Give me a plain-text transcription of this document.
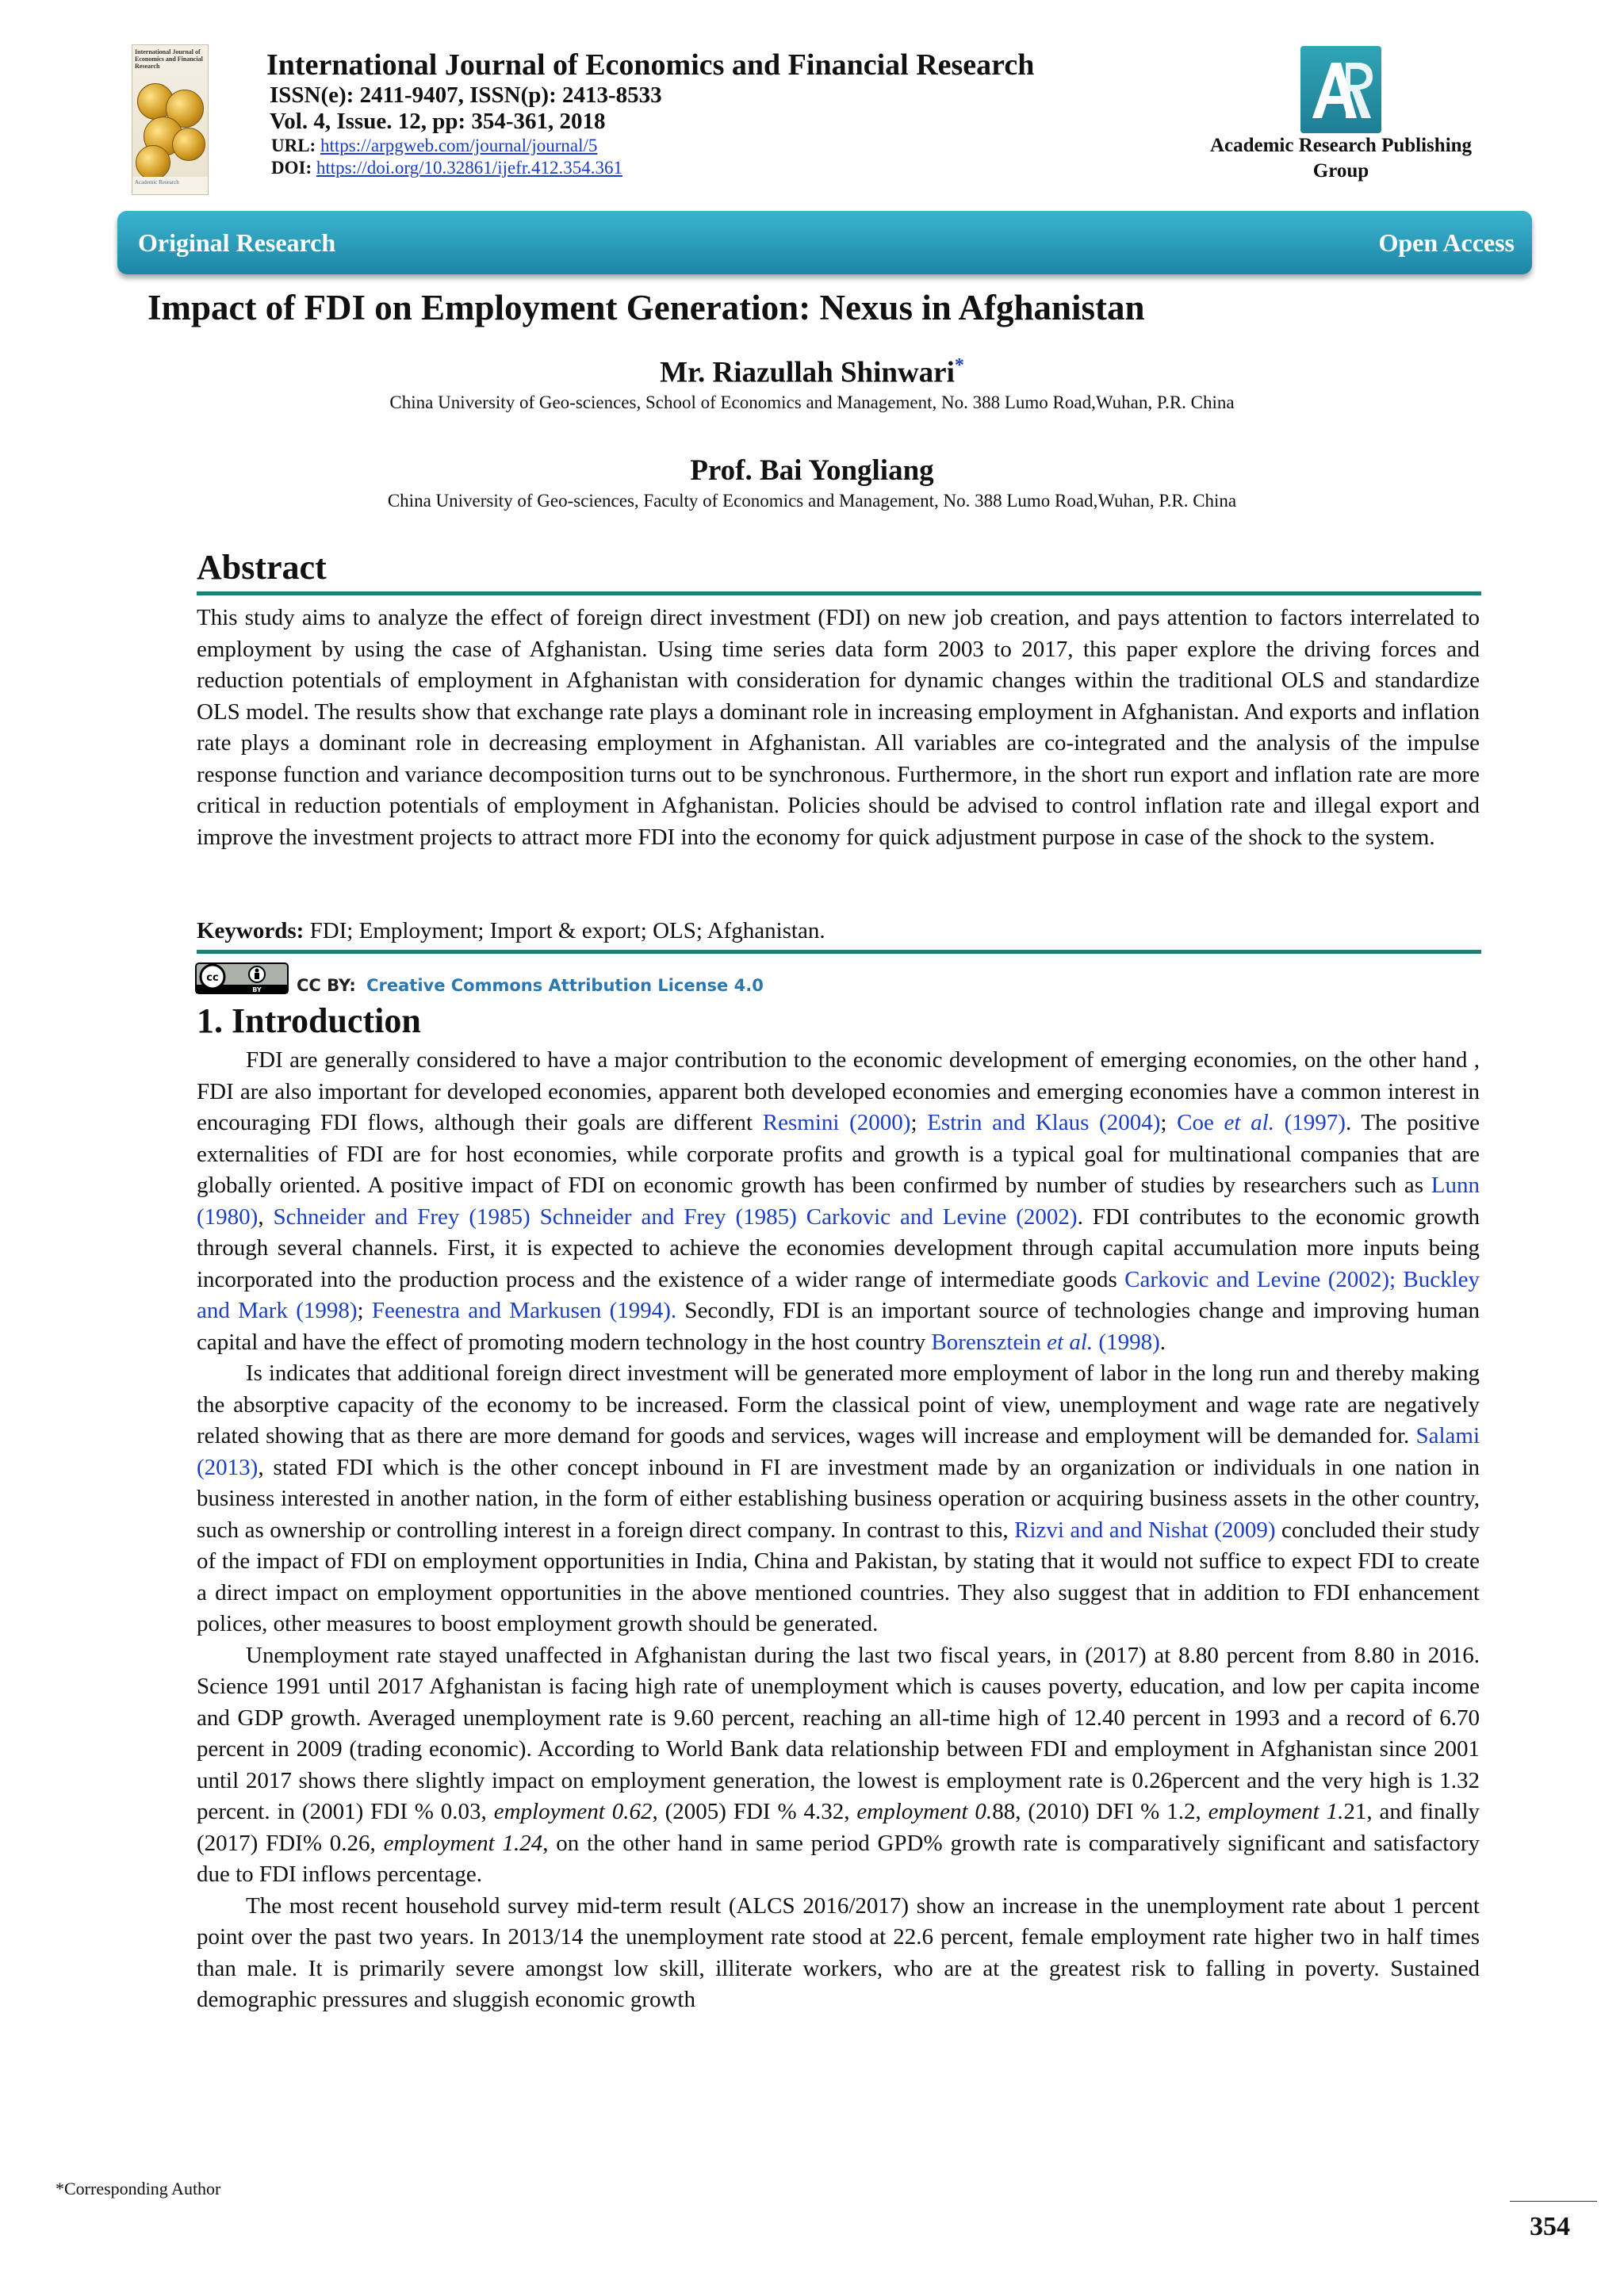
International Journal of Economics and Financial Research
Academic Research
International Journal of Economics and Financial Research
ISSN(e): 2411-9407, ISSN(p): 2413-8533
Vol. 4, Issue. 12, pp: 354-361, 2018
URL: https://arpgweb.com/journal/journal/5
DOI: https://doi.org/10.32861/ijefr.412.354.361
Academic Research Publishing
Group
Original Research	Open Access
Impact of FDI on Employment Generation: Nexus in Afghanistan
Mr. Riazullah Shinwari*
China University of Geo-sciences, School of Economics and Management, No. 388 Lumo Road,Wuhan, P.R. China
Prof. Bai Yongliang
China University of Geo-sciences, Faculty of Economics and Management, No. 388 Lumo Road,Wuhan, P.R. China
Abstract

This study aims to analyze the effect of foreign direct investment (FDI) on new job creation, and pays attention to factors interrelated to employment by using the case of Afghanistan. Using time series data form 2003 to 2017, this paper explore the driving forces and reduction potentials of employment in Afghanistan with consideration for dynamic changes within the traditional OLS and standardize OLS model. The results show that exchange rate plays a dominant role in increasing employment in Afghanistan. And exports and inflation rate plays a dominant role in decreasing employment in Afghanistan. All variables are co-integrated and the analysis of the impulse response function and variance decomposition turns out to be synchronous. Furthermore, in the short run export and inflation rate are more critical in reduction potentials of employment in Afghanistan. Policies should be advised to control inflation rate and illegal export and improve the investment projects to attract more FDI into the economy for quick adjustment purpose in case of the shock to the system.

Keywords: FDI; Employment; Import & export; OLS; Afghanistan.
cc
BY CC BY: Creative Commons Attribution License 4.0
1. Introduction

FDI are generally considered to have a major contribution to the economic development of emerging economies, on the other hand , FDI are also important for developed economies, apparent both developed economies and emerging economies have a common interest in encouraging FDI flows, although their goals are different Resmini (2000); Estrin and Klaus (2004); Coe et al. (1997). The positive externalities of FDI are for host economies, while corporate profits and growth is a typical goal for multinational companies that are globally oriented. A positive impact of FDI on economic growth has been confirmed by number of studies by researchers such as Lunn (1980), Schneider and Frey (1985) Schneider and Frey (1985) Carkovic and Levine (2002). FDI contributes to the economic growth through several channels. First, it is expected to achieve the economies development through capital accumulation more inputs being incorporated into the production process and the existence of a wider range of intermediate goods Carkovic and Levine (2002); Buckley and Mark (1998); Feenestra and Markusen (1994). Secondly, FDI is an important source of technologies change and improving human capital and have the effect of promoting modern technology in the host country Borensztein et al. (1998).

Is indicates that additional foreign direct investment will be generated more employment of labor in the long run and thereby making the absorptive capacity of the economy to be increased. Form the classical point of view, unemployment and wage rate are negatively related showing that as there are more demand for goods and services, wages will increase and employment will be demanded for. Salami (2013), stated FDI which is the other concept inbound in FI are investment made by an organization or individuals in one nation in business interested in another nation, in the form of either establishing business operation or acquiring business assets in the other country, such as ownership or controlling interest in a foreign direct company. In contrast to this, Rizvi and and Nishat (2009) concluded their study of the impact of FDI on employment opportunities in India, China and Pakistan, by stating that it would not suffice to expect FDI to create a direct impact on employment opportunities in the above mentioned countries. They also suggest that in addition to FDI enhancement polices, other measures to boost employment growth should be generated.

Unemployment rate stayed unaffected in Afghanistan during the last two fiscal years, in (2017) at 8.80 percent from 8.80 in 2016. Science 1991 until 2017 Afghanistan is facing high rate of unemployment which is causes poverty, education, and low per capita income and GDP growth. Averaged unemployment rate is 9.60 percent, reaching an all-time high of 12.40 percent in 1993 and a record of 6.70 percent in 2009 (trading economic). According to World Bank data relationship between FDI and employment in Afghanistan since 2001 until 2017 shows there slightly impact on employment generation, the lowest is employment rate is 0.26percent and the very high is 1.32 percent. in (2001) FDI % 0.03, employment 0.62, (2005) FDI % 4.32, employment 0.88, (2010) DFI % 1.2, employment 1.21, and finally (2017) FDI% 0.26, employment 1.24, on the other hand in same period GPD% growth rate is comparatively significant and satisfactory due to FDI inflows percentage.

The most recent household survey mid-term result (ALCS 2016/2017) show an increase in the unemployment rate about 1 percent point over the past two years. In 2013/14 the unemployment rate stood at 22.6 percent, female employment rate higher two in half times than male. It is primarily severe amongst low skill, illiterate workers, who are at the greatest risk to falling in poverty. Sustained demographic pressures and sluggish economic growth

*Corresponding Author
354
